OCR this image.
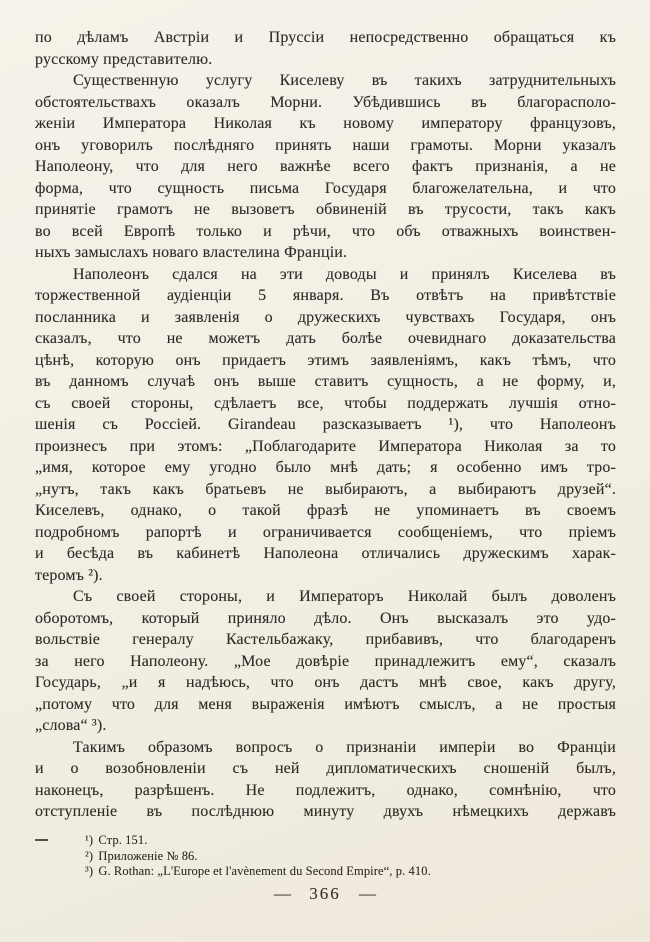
по дѣламъ Австріи и Пруссіи непосредственно обращаться къ
русскому представителю.
Существенную услугу Киселеву въ такихъ затруднительныхъ
обстоятельствахъ оказалъ Морни. Убѣдившись въ благорасполо-
женіи Императора Николая къ новому императору французовъ,
онъ уговорилъ послѣдняго принять наши грамоты. Морни указалъ
Наполеону, что для него важнѣе всего фактъ признанія, а не
форма, что сущность письма Государя благожелательна, и что
принятіе грамотъ не вызоветъ обвиненій въ трусости, такъ какъ
во всей Европѣ только и рѣчи, что объ отважныхъ воинствен-
ныхъ замыслахъ новаго властелина Франціи.
Наполеонъ сдался на эти доводы и принялъ Киселева въ
торжественной аудіенціи 5 января. Въ отвѣтъ на привѣтствіе
посланника и заявленія о дружескихъ чувствахъ Государя, онъ
сказалъ, что не можетъ дать болѣе очевиднаго доказательства
цѣнѣ, которую онъ придаетъ этимъ заявленіямъ, какъ тѣмъ, что
въ данномъ случаѣ онъ выше ставитъ сущность, а не форму, и,
съ своей стороны, сдѣлаетъ все, чтобы поддержать лучшія отно-
шенія съ Россіей. Girandeau разсказываетъ ¹), что Наполеонъ
произнесъ при этомъ: „Поблагодарите Императора Николая за то
„имя, которое ему угодно было мнѣ дать; я особенно имъ тро-
„нутъ, такъ какъ братьевъ не выбираютъ, а выбираютъ друзей“.
Киселевъ, однако, о такой фразѣ не упоминаетъ въ своемъ
подробномъ рапортѣ и ограничивается сообщеніемъ, что пріемъ
и бесѣда въ кабинетѣ Наполеона отличались дружескимъ харак-
теромъ ²).
Съ своей стороны, и Императоръ Николай былъ доволенъ
оборотомъ, который приняло дѣло. Онъ высказалъ это удо-
вольствіе генералу Кастельбажаку, прибавивъ, что благодаренъ
за него Наполеону. „Мое довѣріе принадлежитъ ему“, сказалъ
Государь, „и я надѣюсь, что онъ дастъ мнѣ свое, какъ другу,
„потому что для меня выраженія имѣютъ смыслъ, а не простыя
„слова“ ³).
Такимъ образомъ вопросъ о признаніи имперіи во Франціи
и о возобновленіи съ ней дипломатическихъ сношеній былъ,
наконецъ, разрѣшенъ. Не подлежитъ, однако, сомнѣнію, что
отступленіе въ послѣднюю минуту двухъ нѣмецкихъ державъ
¹) Стр. 151.
²) Приложеніе № 86.
³) G. Rothan: „L'Europe et l'avènement du Second Empire“, p. 410.
— 366 —
